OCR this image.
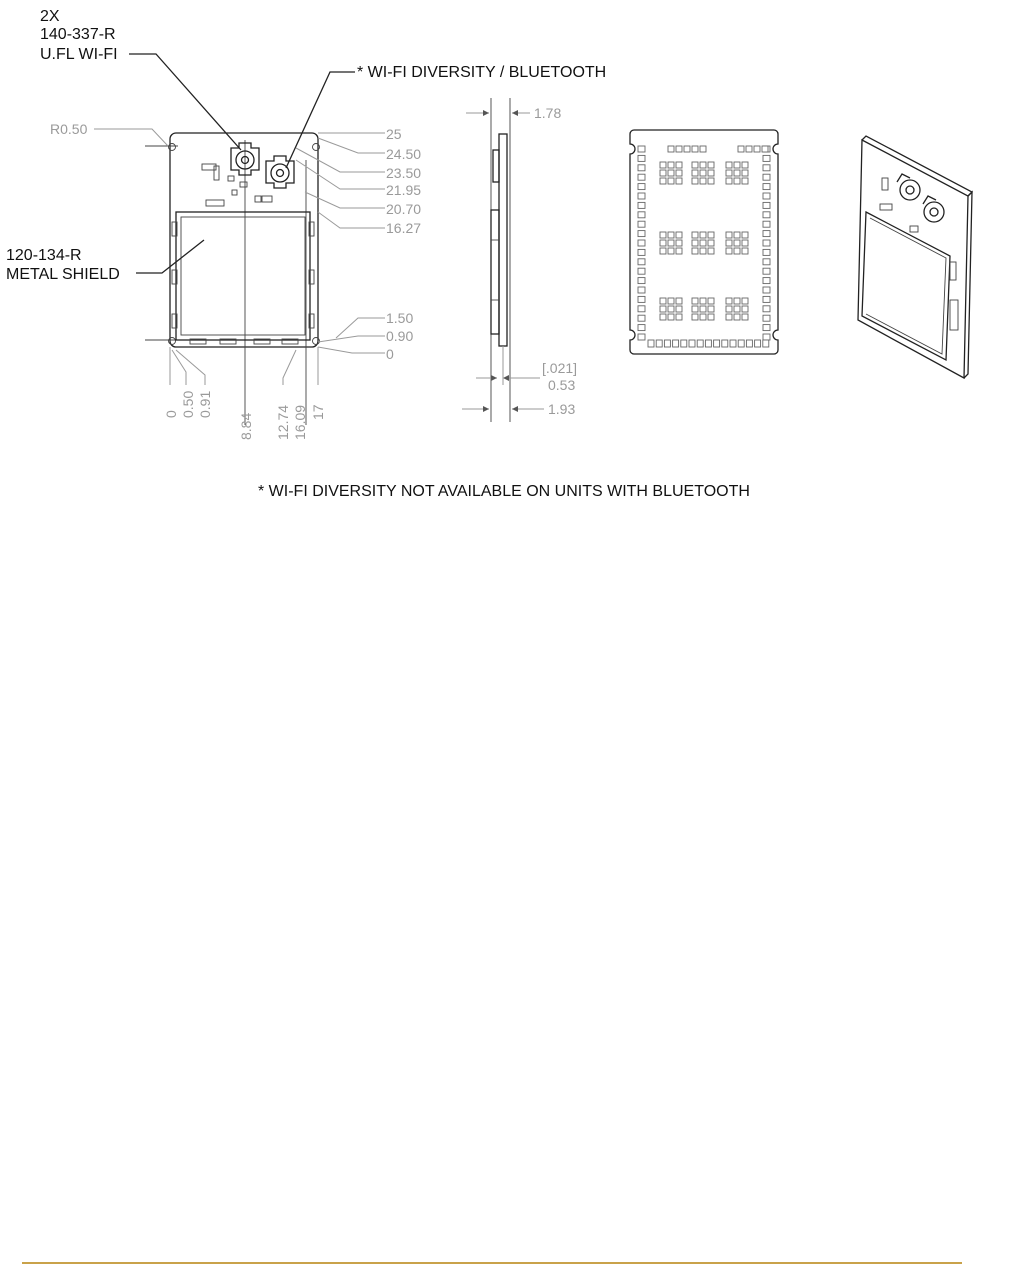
2X
140-337-R
U.FL WI-FI
* WI-FI DIVERSITY / BLUETOOTH
120-134-R
METAL SHIELD
R0.50	25
24.50
23.50
21.95
20.70
16.27
1.50
0.90
0
0 0.50 0.91
8.84 12.74 16.09 17
1.78
[.021]
0.53
1.93
* WI-FI DIVERSITY NOT AVAILABLE ON UNITS WITH BLUETOOTH
